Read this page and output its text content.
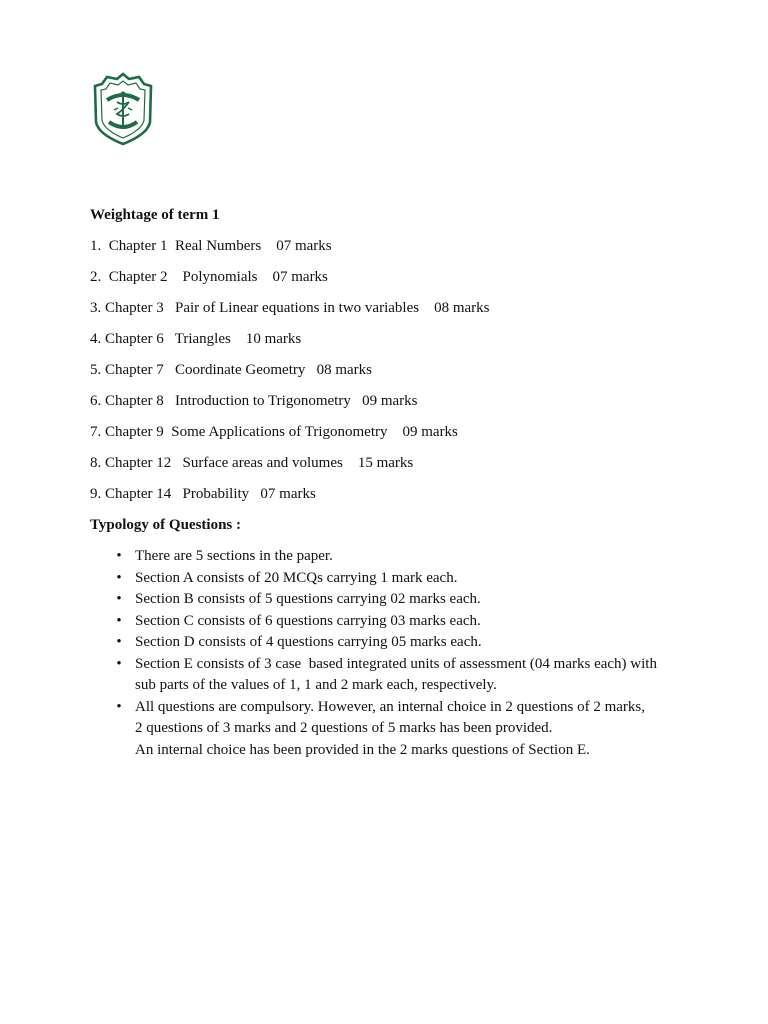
Weightage of term 1

1.  Chapter 1  Real Numbers    07 marks
2.  Chapter 2    Polynomials    07 marks
3. Chapter 3   Pair of Linear equations in two variables    08 marks
4. Chapter 6   Triangles    10 marks
5. Chapter 7   Coordinate Geometry   08 marks
6. Chapter 8   Introduction to Trigonometry   09 marks
7. Chapter 9  Some Applications of Trigonometry    09 marks
8. Chapter 12   Surface areas and volumes    15 marks
9. Chapter 14   Probability   07 marks

Typology of Questions :

• There are 5 sections in the paper.
• Section A consists of 20 MCQs carrying 1 mark each.
• Section B consists of 5 questions carrying 02 marks each.
• Section C consists of 6 questions carrying 03 marks each.
• Section D consists of 4 questions carrying 05 marks each.
• Section E consists of 3 case  based integrated units of assessment (04 marks each) with
sub parts of the values of 1, 1 and 2 mark each, respectively.
• All questions are compulsory. However, an internal choice in 2 questions of 2 marks,
2 questions of 3 marks and 2 questions of 5 marks has been provided.
An internal choice has been provided in the 2 marks questions of Section E.
